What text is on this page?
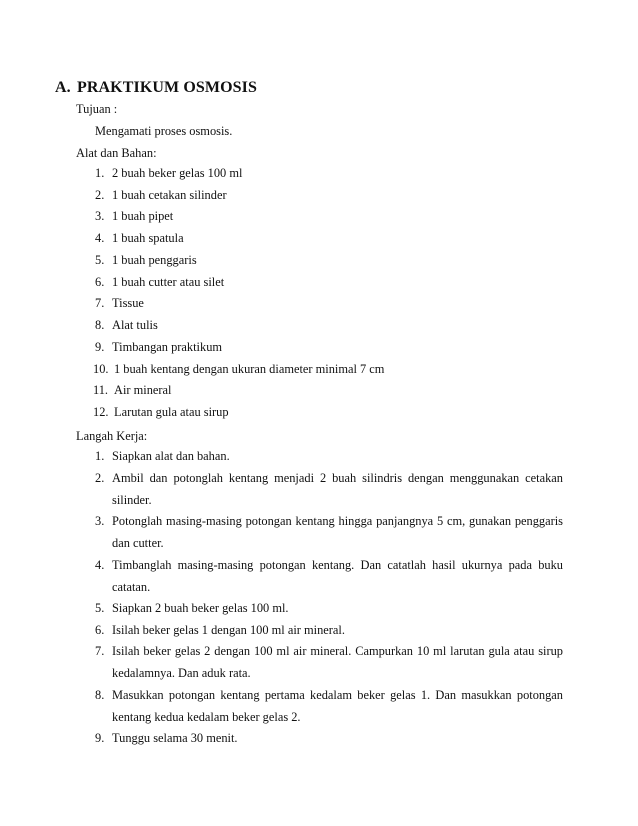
A. PRAKTIKUM OSMOSIS
Tujuan :
Mengamati proses osmosis.
Alat dan Bahan:
1. 2 buah beker gelas 100 ml
2. 1 buah cetakan silinder
3. 1 buah pipet
4. 1 buah spatula
5. 1 buah penggaris
6. 1 buah cutter atau silet
7. Tissue
8. Alat tulis
9. Timbangan praktikum
10. 1 buah kentang dengan ukuran diameter minimal 7 cm
11. Air mineral
12. Larutan gula atau sirup
Langah Kerja:
1. Siapkan alat dan bahan.
2. Ambil dan potonglah kentang menjadi 2 buah silindris dengan menggunakan cetakan silinder.
3. Potonglah masing-masing potongan kentang hingga panjangnya 5 cm, gunakan penggaris dan cutter.
4. Timbanglah masing-masing potongan kentang. Dan catatlah hasil ukurnya pada buku catatan.
5. Siapkan 2 buah beker gelas 100 ml.
6. Isilah beker gelas 1 dengan 100 ml air mineral.
7. Isilah beker gelas 2 dengan 100 ml air mineral. Campurkan 10 ml larutan gula atau sirup kedalamnya. Dan aduk rata.
8. Masukkan potongan kentang pertama kedalam beker gelas 1. Dan masukkan potongan kentang kedua kedalam beker gelas 2.
9. Tunggu selama 30 menit.
